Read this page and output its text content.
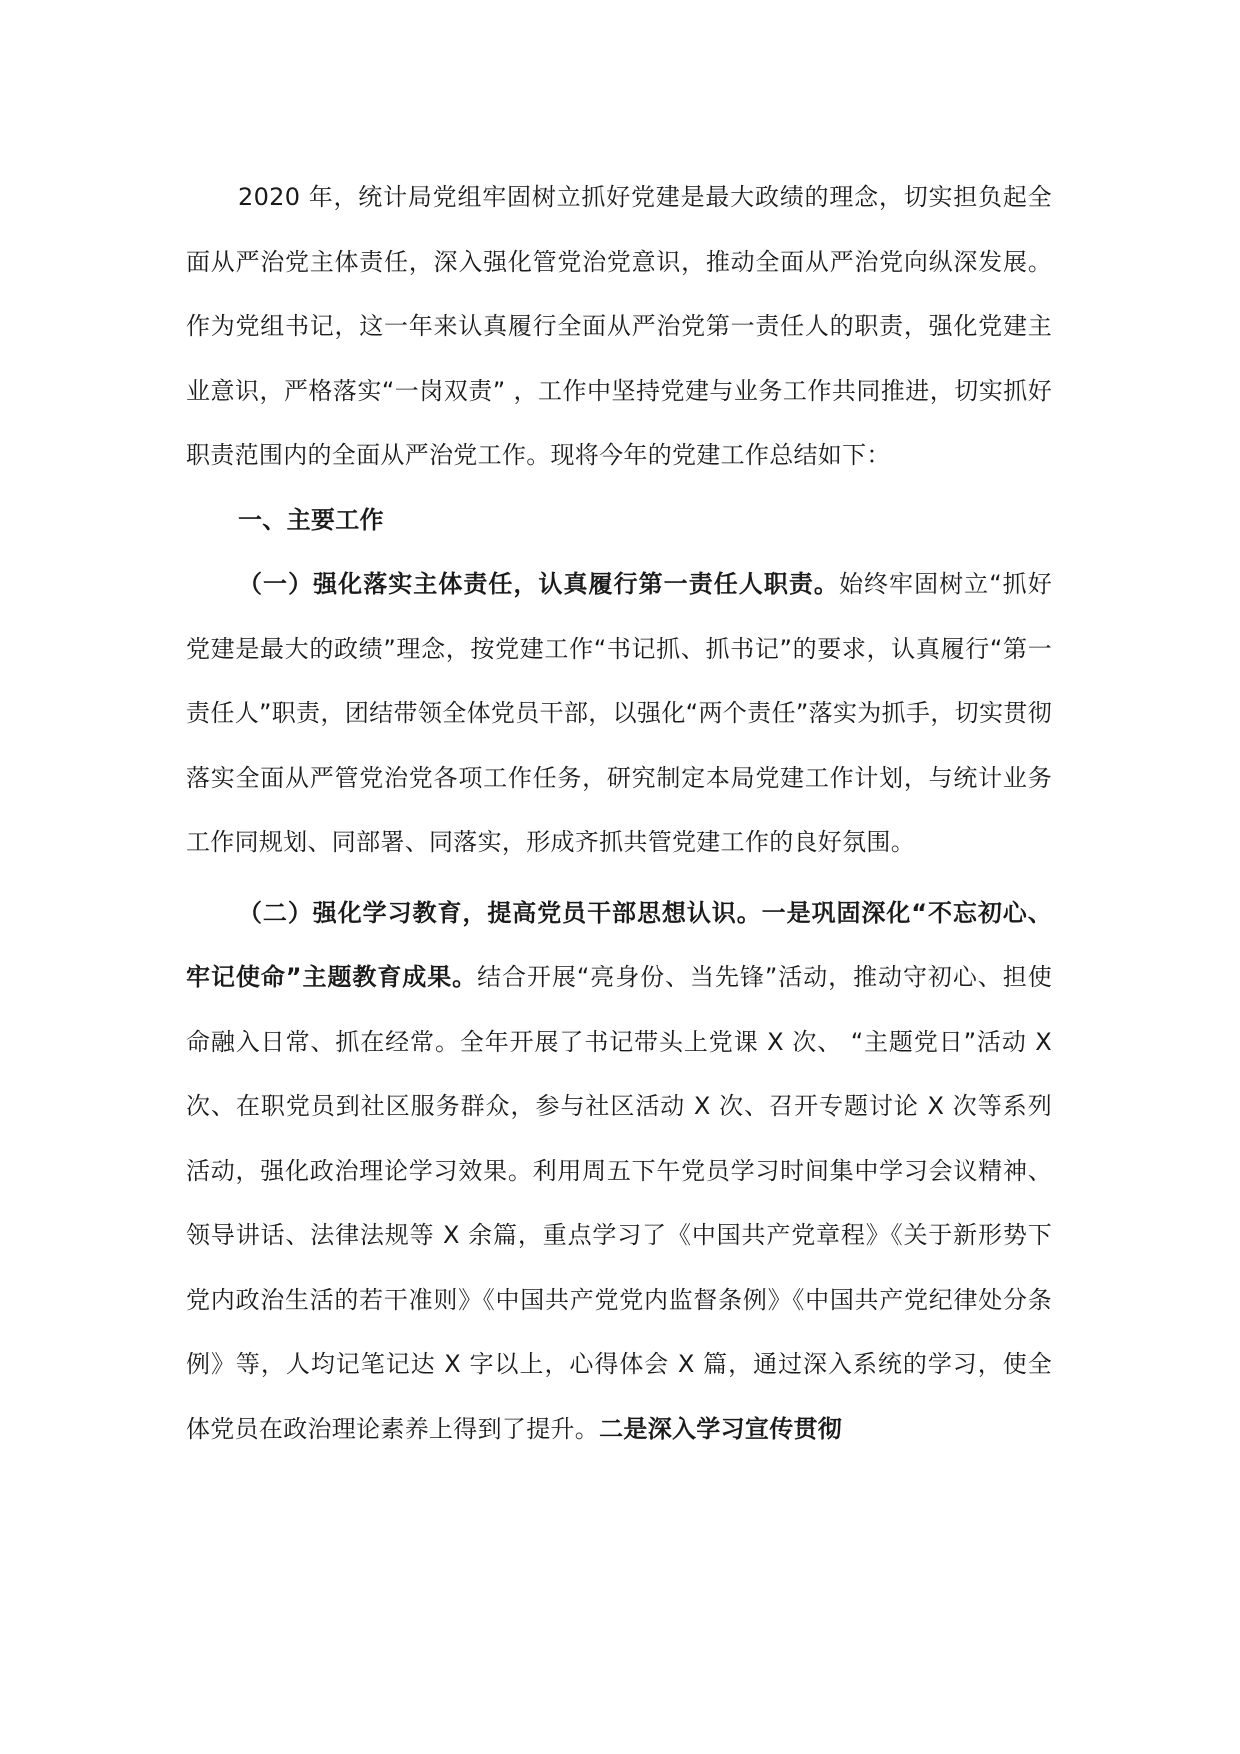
2020 年，统计局党组牢固树立抓好党建是最大政绩的理念，切实担负起全面从严治党主体责任，深入强化管党治党意识，推动全面从严治党向纵深发展。作为党组书记，这一年来认真履行全面从严治党第一责任人的职责，强化党建主业意识，严格落实“一岗双责” ，工作中坚持党建与业务工作共同推进，切实抓好职责范围内的全面从严治党工作。现将今年的党建工作总结如下：

一、主要工作

（一）强化落实主体责任，认真履行第一责任人职责。始终牢固树立“抓好党建是最大的政绩”理念，按党建工作“书记抓、抓书记”的要求，认真履行“第一责任人”职责，团结带领全体党员干部，以强化“两个责任”落实为抓手，切实贯彻落实全面从严管党治党各项工作任务，研究制定本局党建工作计划，与统计业务工作同规划、同部署、同落实，形成齐抓共管党建工作的良好氛围。

（二）强化学习教育，提高党员干部思想认识。一是巩固深化“不忘初心、牢记使命”主题教育成果。结合开展“亮身份、当先锋”活动，推动守初心、担使命融入日常、抓在经常。全年开展了书记带头上党课 X 次、 “主题党日”活动 X 次、在职党员到社区服务群众，参与社区活动 X 次、召开专题讨论 X 次等系列活动，强化政治理论学习效果。利用周五下午党员学习时间集中学习会议精神、领导讲话、法律法规等 X 余篇，重点学习了《中国共产党章程》《关于新形势下党内政治生活的若干准则》《中国共产党党内监督条例》《中国共产党纪律处分条例》等，人均记笔记达 X 字以上，心得体会 X 篇，通过深入系统的学习，使全体党员在政治理论素养上得到了提升。二是深入学习宣传贯彻
